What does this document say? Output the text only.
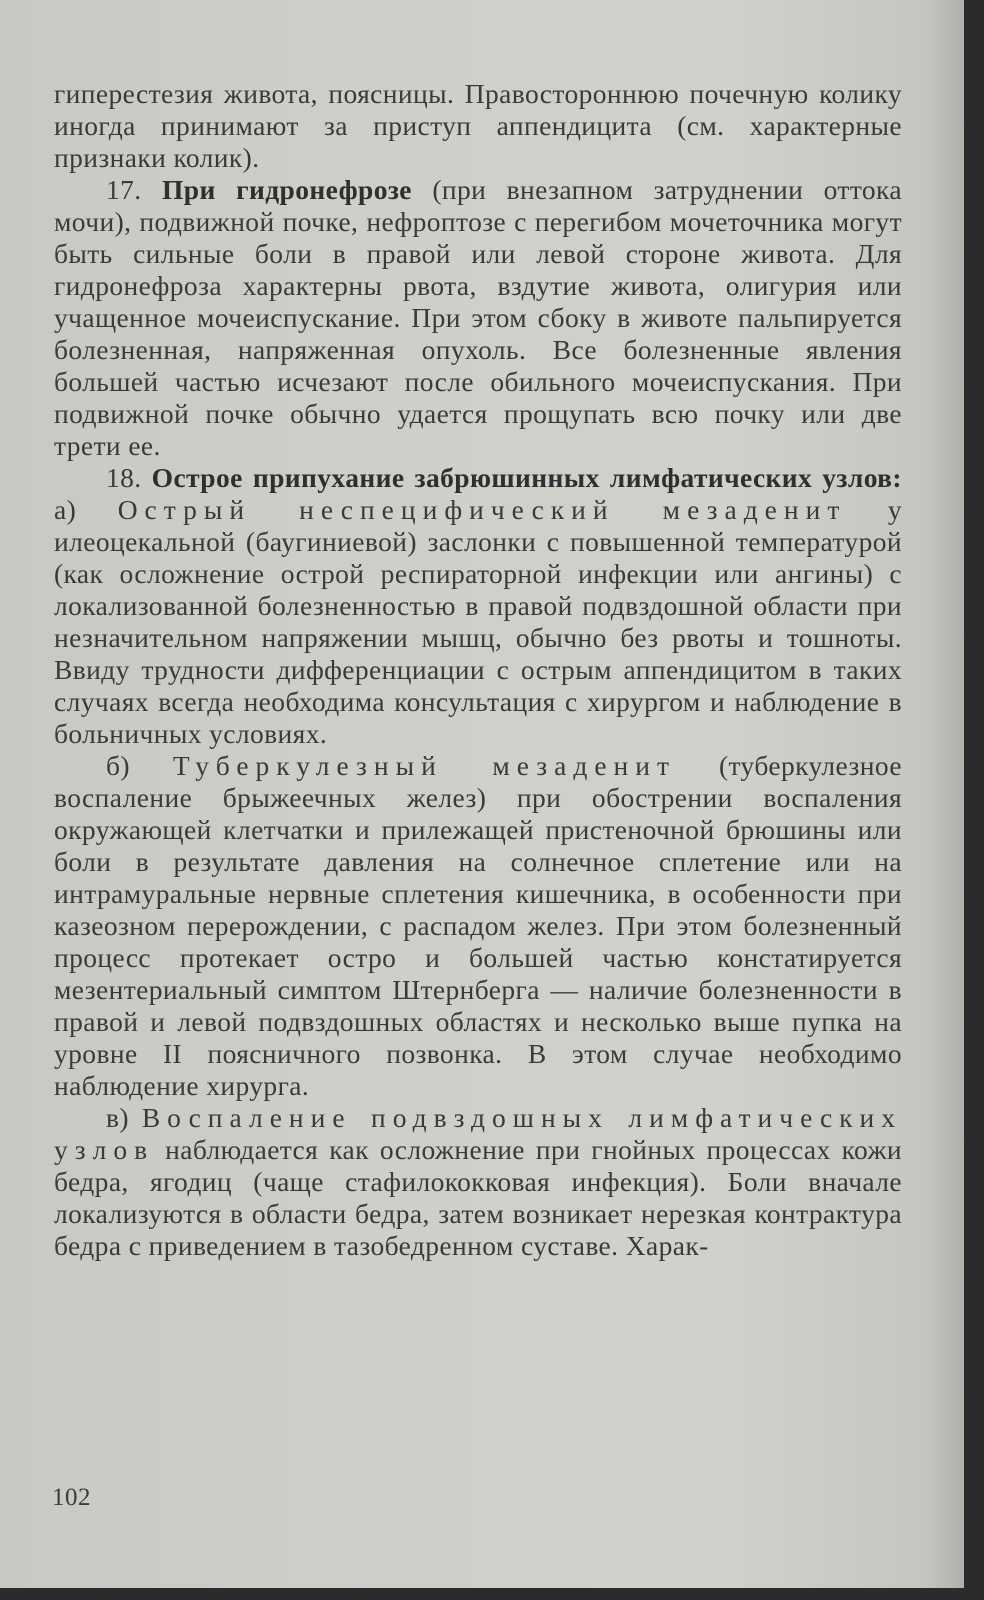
гиперестезия живота, поясницы. Правостороннюю почечную колику иногда принимают за приступ аппендицита (см. характерные признаки колик).

17. При гидронефрозе (при внезапном затруднении оттока мочи), подвижной почке, нефроптозе с перегибом мочеточника могут быть сильные боли в правой или левой стороне живота. Для гидронефроза характерны рвота, вздутие живота, олигурия или учащенное мочеиспускание. При этом сбоку в животе пальпируется болезненная, напряженная опухоль. Все болезненные явления большей частью исчезают после обильного мочеиспускания. При подвижной почке обычно удается прощупать всю почку или две трети ее.

18. Острое припухание забрюшинных лимфатических узлов: а) Острый неспецифический мезаденит у илеоцекальной (баугиниевой) заслонки с повышенной температурой (как осложнение острой респираторной инфекции или ангины) с локализованной болезненностью в правой подвздошной области при незначительном напряжении мышц, обычно без рвоты и тошноты. Ввиду трудности дифференциации с острым аппендицитом в таких случаях всегда необходима консультация с хирургом и наблюдение в больничных условиях.

б) Туберкулезный мезаденит (туберкулезное воспаление брыжеечных желез) при обострении воспаления окружающей клетчатки и прилежащей пристеночной брюшины или боли в результате давления на солнечное сплетение или на интрамуральные нервные сплетения кишечника, в особенности при казеозном перерождении, с распадом желез. При этом болезненный процесс протекает остро и большей частью констатируется мезентериальный симптом Штернберга — наличие болезненности в правой и левой подвздошных областях и несколько выше пупка на уровне II поясничного позвонка. В этом случае необходимо наблюдение хирурга.

в) Воспаление подвздошных лимфатических узлов наблюдается как осложнение при гнойных процессах кожи бедра, ягодиц (чаще стафилококковая инфекция). Боли вначале локализуются в области бедра, затем возникает нерезкая контрактура бедра с приведением в тазобедренном суставе. Харак-

102
